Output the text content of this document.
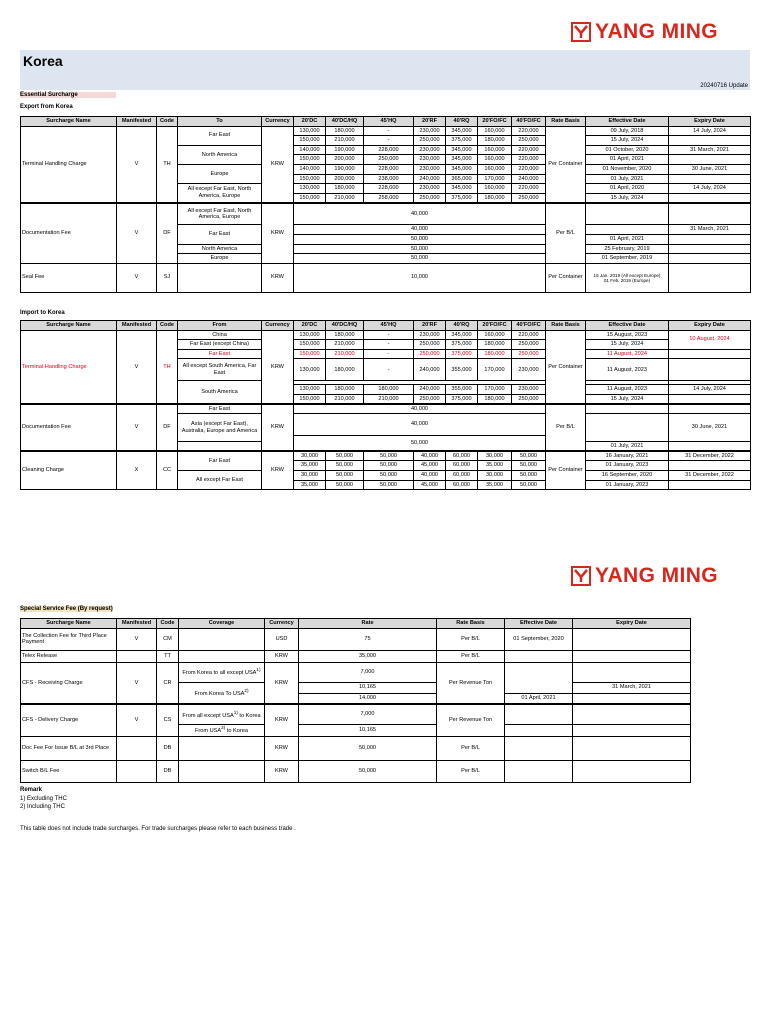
YANG MING
Korea
20240716 Update
Essential Surcharge
Export from Korea
Surcharge Name	Manifested	Code	To	Currency	20'DC	40'DC/HQ	45'HQ	20'RF	40'RQ	20'FO/FC	40'FO/FC	Rate Basis	Effective Date	Expiry Date
Terminal Handling Charge	V	TH	Far East	KRW	130,000	180,000	-	230,000	345,000	160,000	220,000	Per Container	09 July, 2018	14 July, 2024
					150,000	210,000	-	250,000	375,000	180,000	250,000		15 July, 2024	
			North America		140,000	190,000	228,000	230,000	345,000	160,000	220,000		01 October, 2020	31 March, 2021
					150,000	200,000	250,000	230,000	345,000	160,000	220,000		01 April, 2021	
			Europe		140,000	190,000	228,000	230,000	345,000	160,000	220,000		01 November, 2020	30 June, 2021
					150,000	200,000	238,000	240,000	365,000	170,000	240,000		01 July, 2021	
			All except Far East, North America, Europe		130,000	180,000	228,000	230,000	345,000	160,000	220,000		01 April, 2020	14 July, 2024
					150,000	210,000	258,000	250,000	375,000	180,000	250,000		15 July, 2024	
Documentation Fee	V	DF	All except Far East, North America, Europe	KRW	40,000							Per B/L		
			Far East		40,000									31 March, 2021
					50,000								01 April, 2021	
			North America		50,000								25 February, 2019	
			Europe		50,000								01 September, 2019	
Seal Fee	V	SJ		KRW	10,000							Per Container	15 Jan. 2019 (All except Europe)
01 Feb. 2019 (Europe)	

Import to Korea
Surcharge Name	Manifested	Code	From	Currency	20'DC	40'DC/HQ	45'HQ	20'RF	40'RQ	20'FO/FC	40'FO/FC	Rate Basis	Effective Date	Expiry Date
Terminal Handling Charge	V	TH	China	KRW	130,000	180,000	-	230,000	345,000	160,000	220,000	Per Container	15 August, 2023	10 August, 2024
			Far East (except China)		150,000	210,000	-	250,000	375,000	180,000	250,000		15 July, 2024	
			Far East		150,000	210,000	-	250,000	375,000	180,000	250,000		11 August, 2024	
			All except South America, Far East		130,000	180,000	-	240,000	355,000	170,000	230,000		11 August, 2023	
			South America											
					130,000	180,000	180,000	240,000	355,000	170,000	230,000		11 August, 2023	14 July, 2024
					150,000	210,000	210,000	250,000	375,000	180,000	250,000		15 July, 2024	
Documentation Fee	V	DF	Far East	KRW	40,000							Per B/L		
			Asia (except Far East), Australia, Europe and America		40,000									30 June, 2021
					50,000									
													01 July, 2021	
Cleaning Charge	X	CC	Far East	KRW	30,000	50,000	50,000	40,000	60,000	30,000	50,000	Per Container	16 January, 2021	31 December, 2022
					35,000	50,000	50,000	45,000	60,000	35,000	50,000		01 January, 2023	
			All except Far East		30,000	50,000	50,000	40,000	60,000	30,000	50,000		16 September, 2020	31 December, 2022
					35,000	50,000	50,000	45,000	60,000	35,000	50,000		01 January, 2023	
YANG MING
Special Service Fee (By request)
Surcharge Name	Manifested	Code	Coverage	Currency	Rate	Rate Basis	Effective Date	Expiry Date
The Collection Fee for Third Place Payment	V	CM		USD	75	Per B/L	01 September, 2020	
Telex Release		TT		KRW	35,000	Per B/L		
CFS - Receiving Charge	V	CR	From Korea to all except USA$^{1)}$	KRW	7,000	Per Revenue Ton		
			From Korea To USA$^{2)}$		10,165			31 March, 2021
					14,000		01 April, 2021	
CFS - Delivery Charge	V	CS	From all except USA$^{1)}$ to Korea	KRW	7,000	Per Revenue Ton		
			From USA$^{2)}$ to Korea		10,165			
Doc Fee For Issue B/L at 3rd Place		DB		KRW	50,000	Per B/L		
Switch B/L Fee		DB		KRW	50,000	Per B/L		
Remark
1) Excluding THC
2) Including THC
This table does not include trade surcharges. For trade surcharges please refer to each business trade .
